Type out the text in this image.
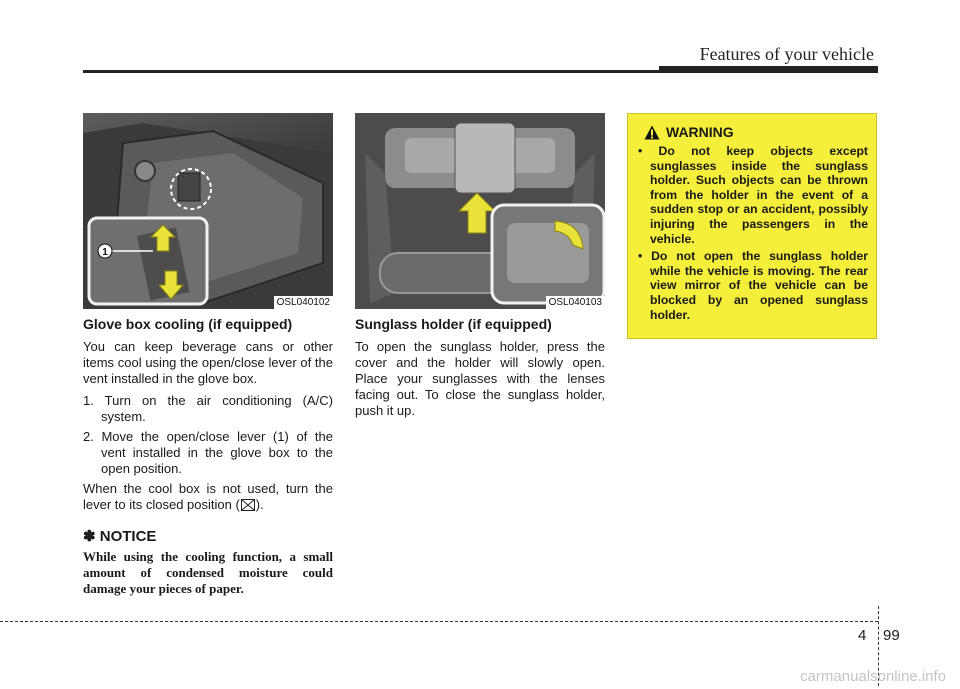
Features of your vehicle
1
OSL040102	OSL040103
Glove box cooling (if equipped)

You can keep beverage cans or other items cool using the open/close lever of the vent installed in the glove box.

1. Turn on the air conditioning (A/C) system.

2. Move the open/close lever (1) of the vent installed in the glove box to the open position.

When the cool box is not used, turn the lever to its closed position ( ).

✽ NOTICE

While using the cooling function, a small amount of condensed moisture could damage your pieces of paper.

Sunglass holder (if equipped)

To open the sunglass holder, press the cover and the holder will slowly open. Place your sunglasses with the lenses facing out. To close the sunglass holder, push it up.

WARNING

• Do not keep objects except sunglasses inside the sunglass holder. Such objects can be thrown from the holder in the event of a sudden stop or an accident, possibly injuring the passengers in the vehicle.

• Do not open the sunglass holder while the vehicle is moving. The rear view mirror of the vehicle can be blocked by an opened sunglass holder.

4 99
carmanualsonline.info
